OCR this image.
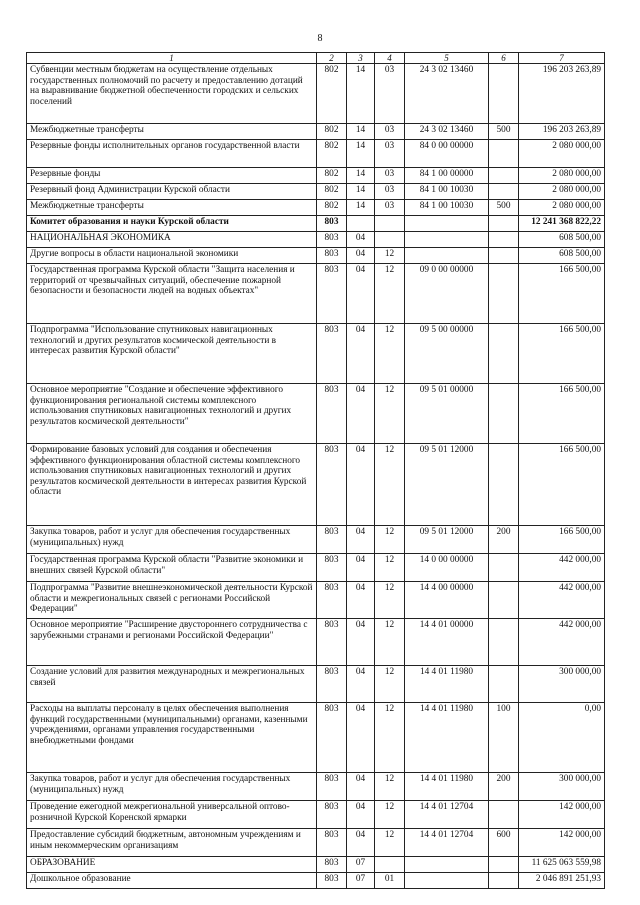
8
1	2	3	4	5	6	7
Субвенции местным бюджетам на осуществление отдельных государственных полномочий по расчету и предоставлению дотаций на выравнивание бюджетной обеспеченности городских и сельских поселений	802	14	03	24 3 02 13460		196 203 263,89
Межбюджетные трансферты	802	14	03	24 3 02 13460	500	196 203 263,89
Резервные фонды исполнительных органов государственной власти	802	14	03	84 0 00 00000		2 080 000,00
Резервные фонды	802	14	03	84 1 00 00000		2 080 000,00
Резервный фонд Администрации Курской области	802	14	03	84 1 00 10030		2 080 000,00
Межбюджетные трансферты	802	14	03	84 1 00 10030	500	2 080 000,00
Комитет образования и науки Курской области	803					12 241 368 822,22
НАЦИОНАЛЬНАЯ ЭКОНОМИКА	803	04				608 500,00
Другие вопросы в области национальной экономики	803	04	12			608 500,00
Государственная программа Курской области "Защита населения и территорий от чрезвычайных ситуаций, обеспечение пожарной безопасности и безопасности людей на водных объектах"	803	04	12	09 0 00 00000		166 500,00
Подпрограмма "Использование спутниковых навигационных технологий и других результатов космической деятельности в интересах развития Курской области"	803	04	12	09 5 00 00000		166 500,00
Основное мероприятие "Создание и обеспечение эффективного функционирования региональной системы комплексного использования спутниковых навигационных технологий и других результатов космической деятельности"	803	04	12	09 5 01 00000		166 500,00
Формирование базовых условий для создания и обеспечения эффективного функционирования областной системы комплексного использования спутниковых навигационных технологий и других результатов космической деятельности в интересах развития Курской области	803	04	12	09 5 01 12000		166 500,00
Закупка товаров, работ и услуг для обеспечения государственных (муниципальных) нужд	803	04	12	09 5 01 12000	200	166 500,00
Государственная программа Курской области "Развитие экономики и внешних связей Курской области"	803	04	12	14 0 00 00000		442 000,00
Подпрограмма "Развитие внешнеэкономической деятельности Курской области и межрегиональных связей с регионами Российской Федерации"	803	04	12	14 4 00 00000		442 000,00
Основное мероприятие "Расширение двустороннего сотрудничества с зарубежными странами и регионами Российской Федерации"	803	04	12	14 4 01 00000		442 000,00
Создание условий для развития международных и межрегиональных связей	803	04	12	14 4 01 11980		300 000,00
Расходы на выплаты персоналу в целях обеспечения выполнения функций государственными (муниципальными) органами, казенными учреждениями, органами управления государственными внебюджетными фондами	803	04	12	14 4 01 11980	100	0,00
Закупка товаров, работ и услуг для обеспечения государственных (муниципальных) нужд	803	04	12	14 4 01 11980	200	300 000,00
Проведение ежегодной межрегиональной универсальной оптово-розничной Курской Коренской ярмарки	803	04	12	14 4 01 12704		142 000,00
Предоставление субсидий бюджетным, автономным учреждениям и иным некоммерческим организациям	803	04	12	14 4 01 12704	600	142 000,00
ОБРАЗОВАНИЕ	803	07				11 625 063 559,98
Дошкольное образование	803	07	01			2 046 891 251,93
